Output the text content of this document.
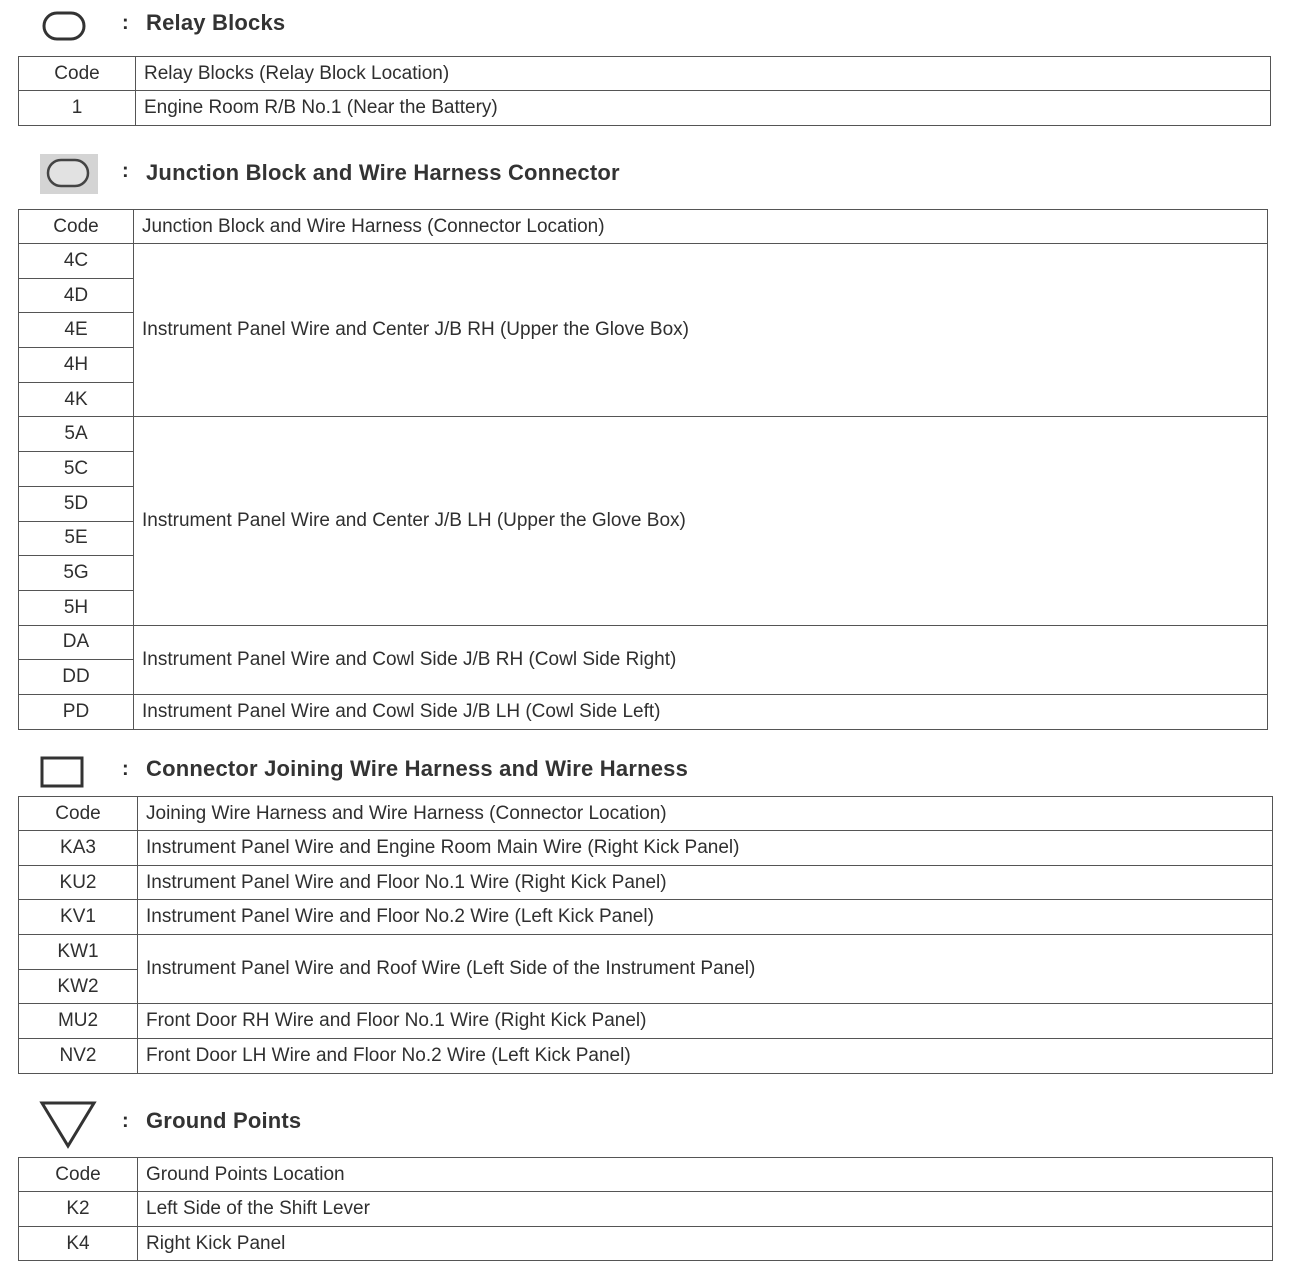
: Relay Blocks
Code	Relay Blocks (Relay Block Location)
1	Engine Room R/B No.1 (Near the Battery)
: Junction Block and Wire Harness Connector
Code	Junction Block and Wire Harness (Connector Location)
4C	Instrument Panel Wire and Center J/B RH (Upper the Glove Box)
4D	
4E	
4H	
4K	
5A	Instrument Panel Wire and Center J/B LH (Upper the Glove Box)
5C	
5D	
5E	
5G	
5H	
DA	Instrument Panel Wire and Cowl Side J/B RH (Cowl Side Right)
DD	
PD	Instrument Panel Wire and Cowl Side J/B LH (Cowl Side Left)
: Connector Joining Wire Harness and Wire Harness
Code	Joining Wire Harness and Wire Harness (Connector Location)
KA3	Instrument Panel Wire and Engine Room Main Wire (Right Kick Panel)
KU2	Instrument Panel Wire and Floor No.1 Wire (Right Kick Panel)
KV1	Instrument Panel Wire and Floor No.2 Wire (Left Kick Panel)
KW1	Instrument Panel Wire and Roof Wire (Left Side of the Instrument Panel)
KW2	
MU2	Front Door RH Wire and Floor No.1 Wire (Right Kick Panel)
NV2	Front Door LH Wire and Floor No.2 Wire (Left Kick Panel)
: Ground Points
Code	Ground Points Location
K2	Left Side of the Shift Lever
K4	Right Kick Panel
